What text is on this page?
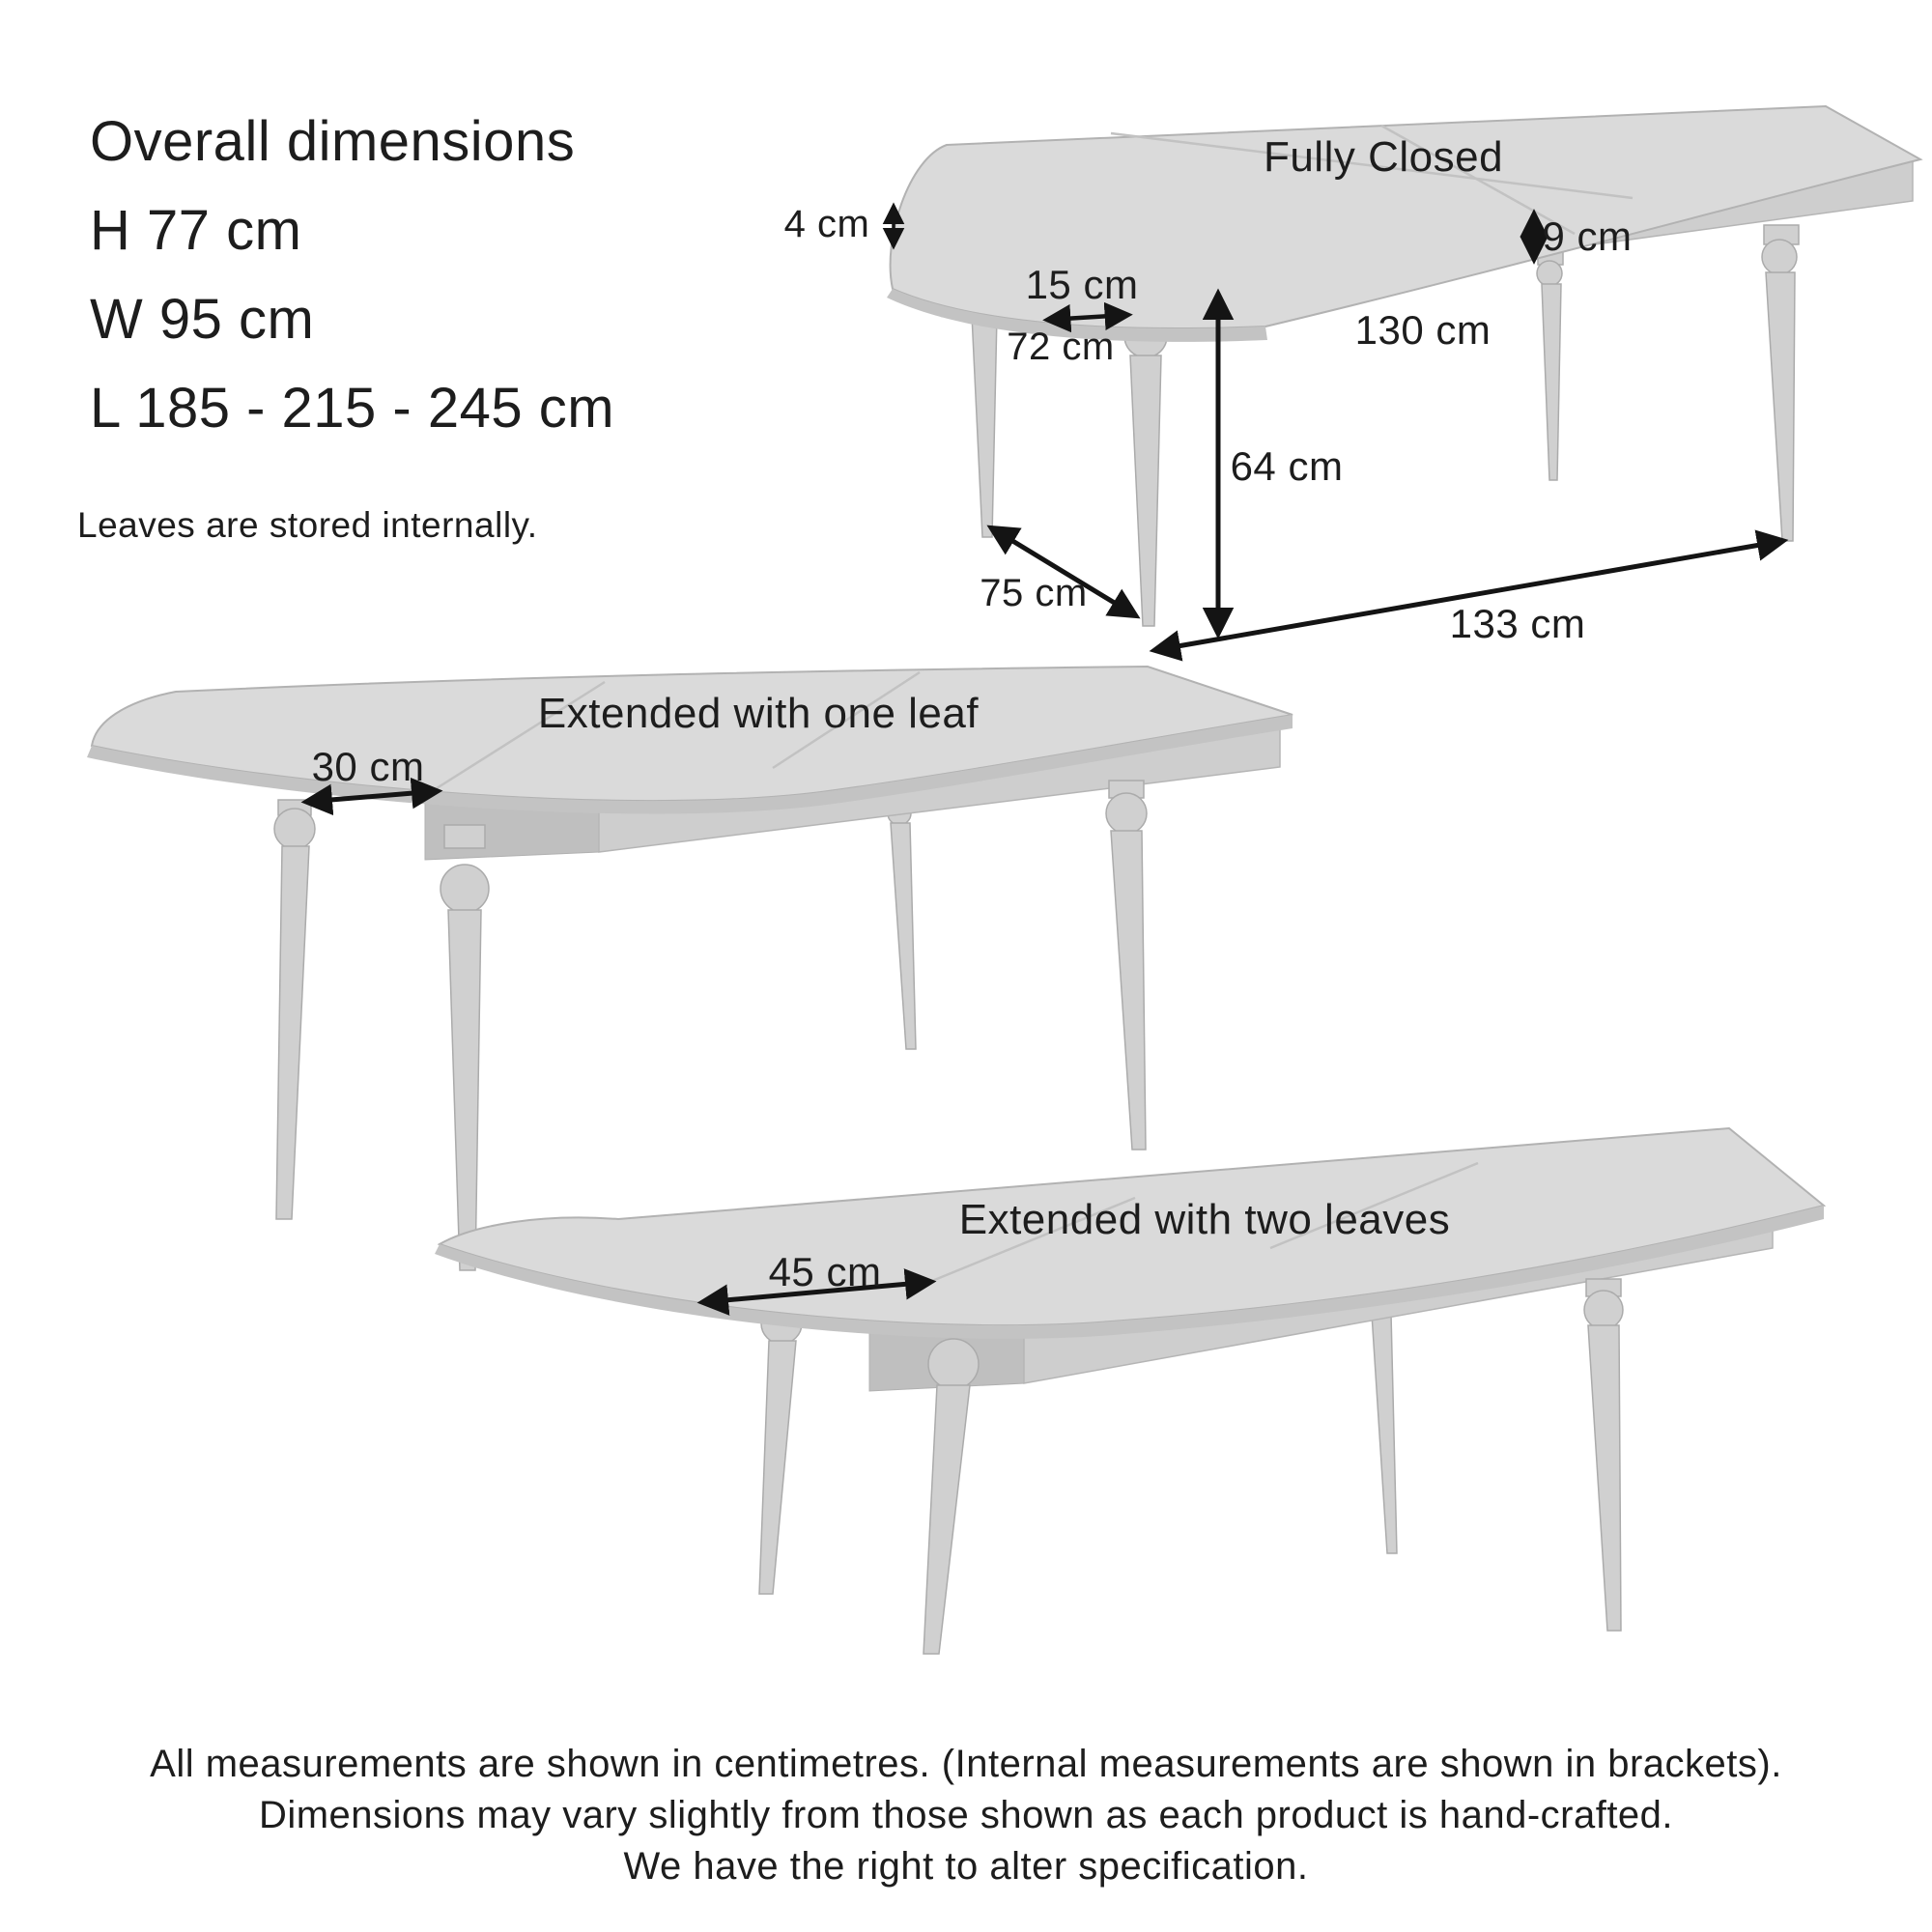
Overall dimensions
H 77 cm
W 95 cm
L 185 - 215 - 245 cm
Leaves are stored internally.
Fully Closed
4 cm
15 cm
9 cm
72 cm	130 cm
64 cm
75 cm
133 cm
Extended with one leaf
30 cm
Extended with two leaves
45 cm
All measurements are shown in centimetres. (Internal measurements are shown in brackets).
Dimensions may vary slightly from those shown as each product is hand-crafted.
We have the right to alter specification.
